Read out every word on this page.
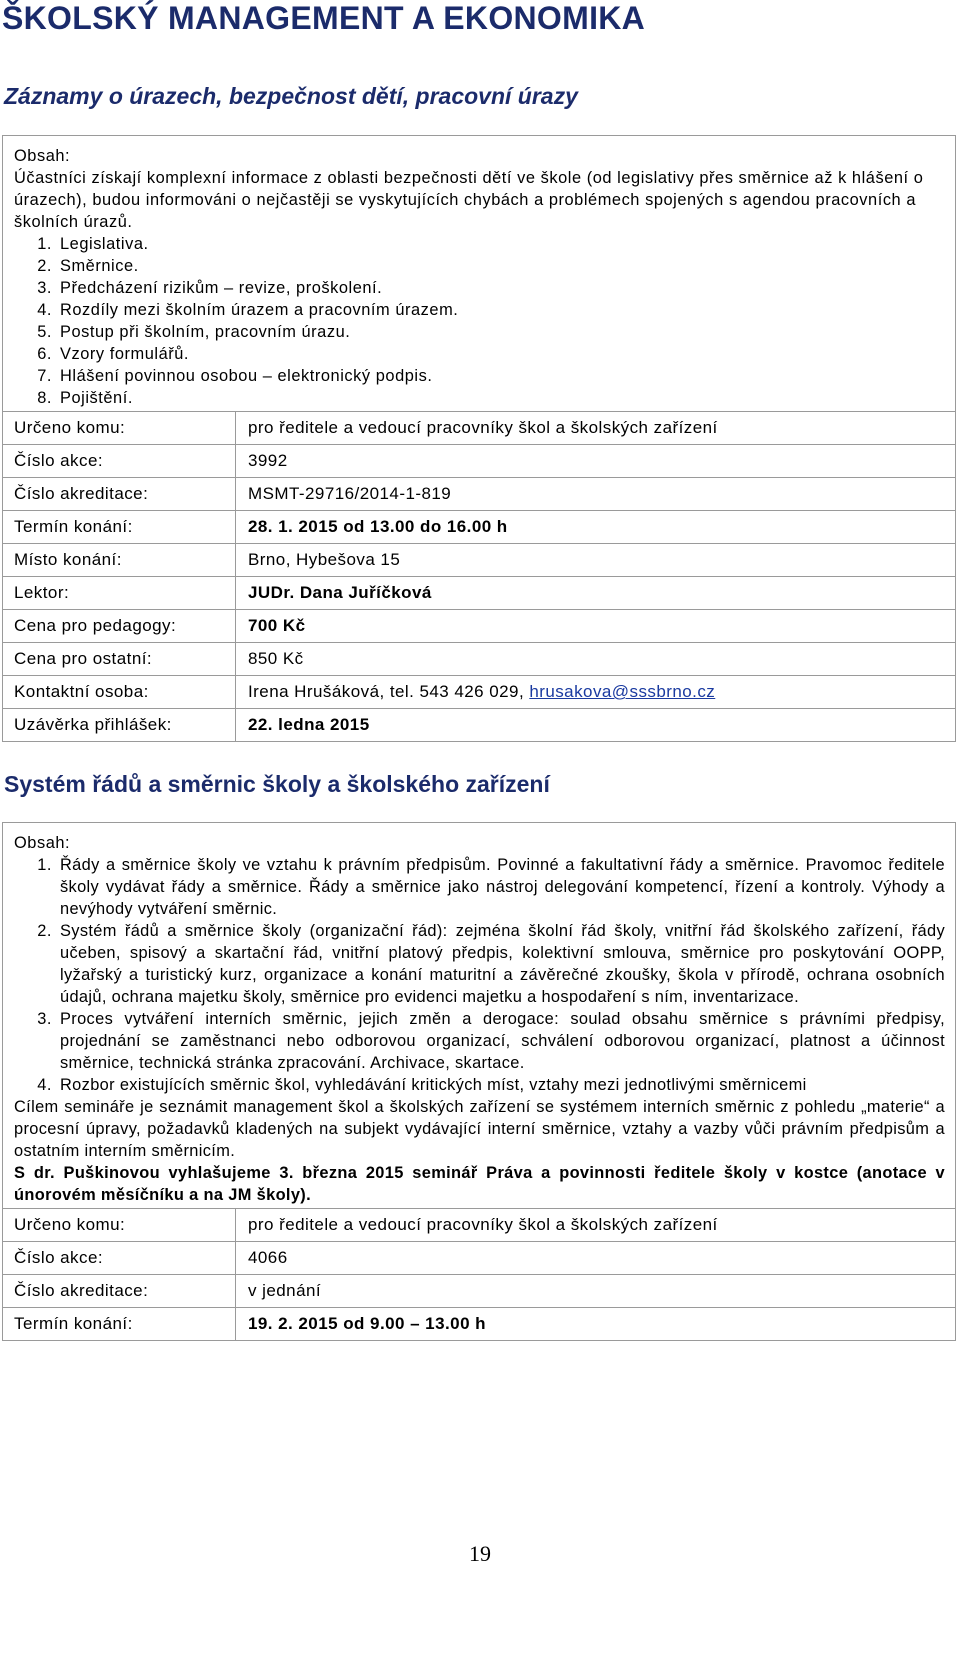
ŠKOLSKÝ MANAGEMENT A EKONOMIKA
Záznamy o úrazech, bezpečnost dětí, pracovní úrazy
Obsah:

Účastníci získají komplexní informace z oblasti bezpečnosti dětí ve škole (od legislativy přes směrnice až k hlášení o úrazech), budou informováni o nejčastěji se vyskytujících chybách a problémech spojených s agendou pracovních a školních úrazů.

1. Legislativa.
2. Směrnice.
3. Předcházení rizikům – revize, proškolení.
4. Rozdíly mezi školním úrazem a pracovním úrazem.
5. Postup při školním, pracovním úrazu.
6. Vzory formulářů.
7. Hlášení povinnou osobou – elektronický podpis.
8. Pojištění.
Určeno komu:	pro ředitele a vedoucí pracovníky škol a školských zařízení
Číslo akce:	3992
Číslo akreditace:	MSMT-29716/2014-1-819
Termín konání:	28. 1. 2015 od 13.00 do 16.00 h
Místo konání:	Brno, Hybešova 15
Lektor:	JUDr. Dana Juříčková
Cena pro pedagogy:	700 Kč
Cena pro ostatní:	850 Kč
Kontaktní osoba:	Irena Hrušáková, tel. 543 426 029, hrusakova@sssbrno.cz
Uzávěrka přihlášek:	22. ledna 2015
Systém řádů a směrnic školy a školského zařízení
Obsah:
1. Řády a směrnice školy ve vztahu k právním předpisům. Povinné a fakultativní řády a směrnice. Pravomoc ředitele školy vydávat řády a směrnice. Řády a směrnice jako nástroj delegování kompetencí, řízení a kontroly. Výhody a nevýhody vytváření směrnic.
2. Systém řádů a směrnice školy (organizační řád): zejména školní řád školy, vnitřní řád školského zařízení, řády učeben, spisový a skartační řád, vnitřní platový předpis, kolektivní smlouva, směrnice pro poskytování OOPP, lyžařský a turistický kurz, organizace a konání maturitní a závěrečné zkoušky, škola v přírodě, ochrana osobních údajů, ochrana majetku školy, směrnice pro evidenci majetku a hospodaření s ním, inventarizace.
3. Proces vytváření interních směrnic, jejich změn a derogace: soulad obsahu směrnice s právními předpisy, projednání se zaměstnanci nebo odborovou organizací, schválení odborovou organizací, platnost a účinnost směrnice, technická stránka zpracování. Archivace, skartace.
4. Rozbor existujících směrnic škol, vyhledávání kritických míst, vztahy mezi jednotlivými směrnicemi

Cílem semináře je seznámit management škol a školských zařízení se systémem interních směrnic z pohledu „materie“ a procesní úpravy, požadavků kladených na subjekt vydávající interní směrnice, vztahy a vazby vůči právním předpisům a ostatním interním směrnicím.

S dr. Puškinovou vyhlašujeme 3. března 2015 seminář Práva a povinnosti ředitele školy v kostce (anotace v únorovém měsíčníku a na JM školy).

Určeno komu:	pro ředitele a vedoucí pracovníky škol a školských zařízení
Číslo akce:	4066
Číslo akreditace:	v jednání
Termín konání:	19. 2. 2015 od 9.00 – 13.00 h
19
